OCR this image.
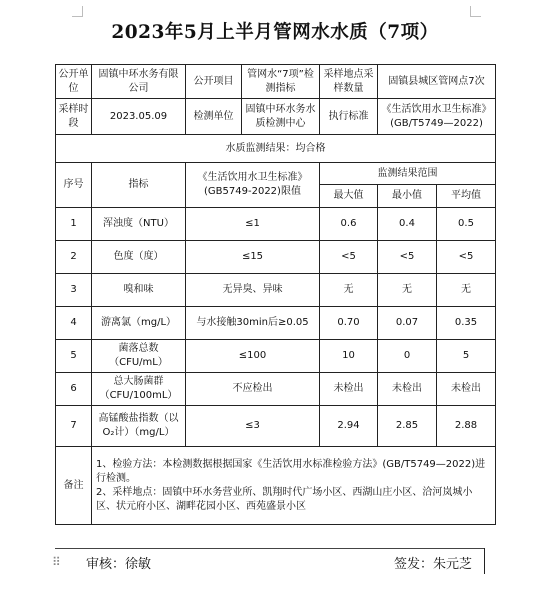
2023年5月上半月管网水水质（7项）
公开单位	固镇中环水务有限公司	公开项目	管网水“7项”检测指标	采样地点采样数量	固镇县城区管网点7次
采样时段	2023.05.09	检测单位	固镇中环水务水质检测中心	执行标准	《生活饮用水卫生标准》(GB/T5749—2022)
水质监测结果：均合格					
序号	指标	《生活饮用水卫生标准》(GB5749-2022)限值		监测结果范围	
				最大值	最小值 平均值

1	浑浊度（NTU）	≤1		0.6	0.4 0.5

2	色度（度）	≤15		<5	<5 <5

3	嗅和味	无异臭、异味		无	无 无

4	游离氯（mg/L）	与水接触30min后≥0.05		0.70	0.07 0.35

5	菌落总数（CFU/mL）	≤100		10	0 5

6	总大肠菌群（CFU/100mL）	不应检出		未检出	未检出 未检出

7	高锰酸盐指数（以O₂计）（mg/L）	≤3		2.94	2.85 2.88

备注	1、检验方法：本检测数据根据国家《生活饮用水标准检验方法》(GB/T5749—2022)进行检测。
2、采样地点：固镇中环水务营业所、凯翔时代广场小区、西湖山庄小区、洽河岚城小区、状元府小区、湖畔花园小区、西苑盛景小区				
⠿ 审核：徐敏	签发：朱元芝
